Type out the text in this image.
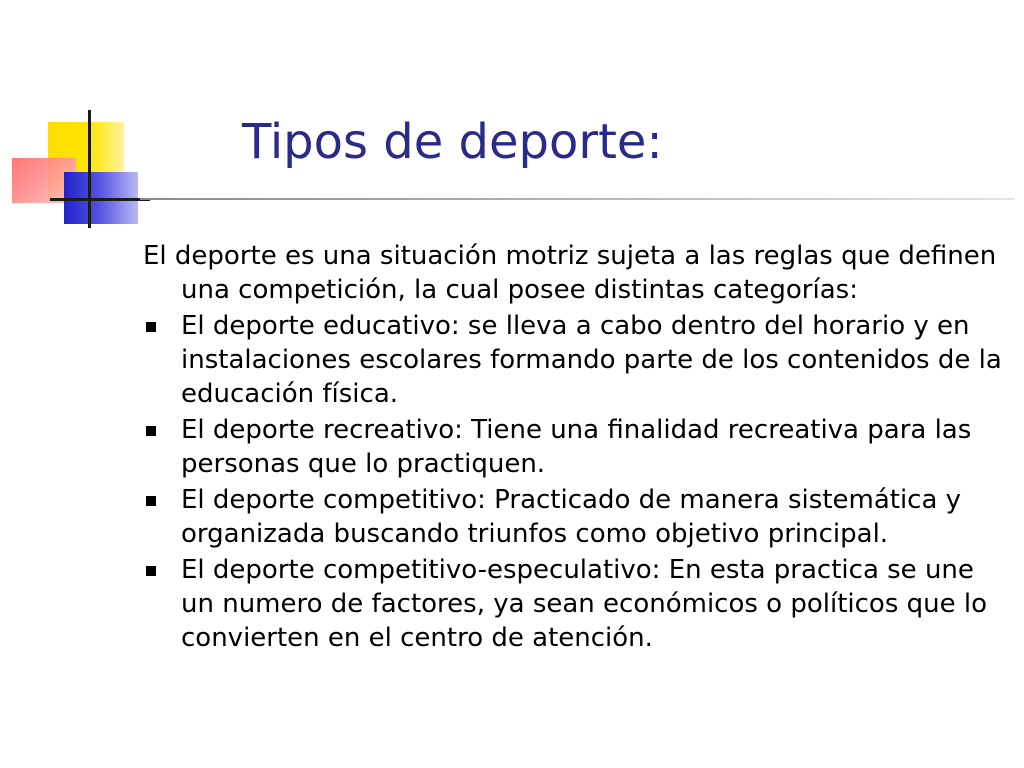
Tipos de deporte:

El deporte es una situación motriz sujeta a las reglas que definen una competición, la cual posee distintas categorías:

El deporte educativo: se lleva a cabo dentro del horario y en instalaciones escolares formando parte de los contenidos de la educación física.
El deporte recreativo: Tiene una finalidad recreativa para las personas que lo practiquen.
El deporte competitivo: Practicado de manera sistemática y organizada buscando triunfos como objetivo principal.
El deporte competitivo-especulativo: En esta practica se une un numero de factores, ya sean económicos o políticos que lo convierten en el centro de atención.
